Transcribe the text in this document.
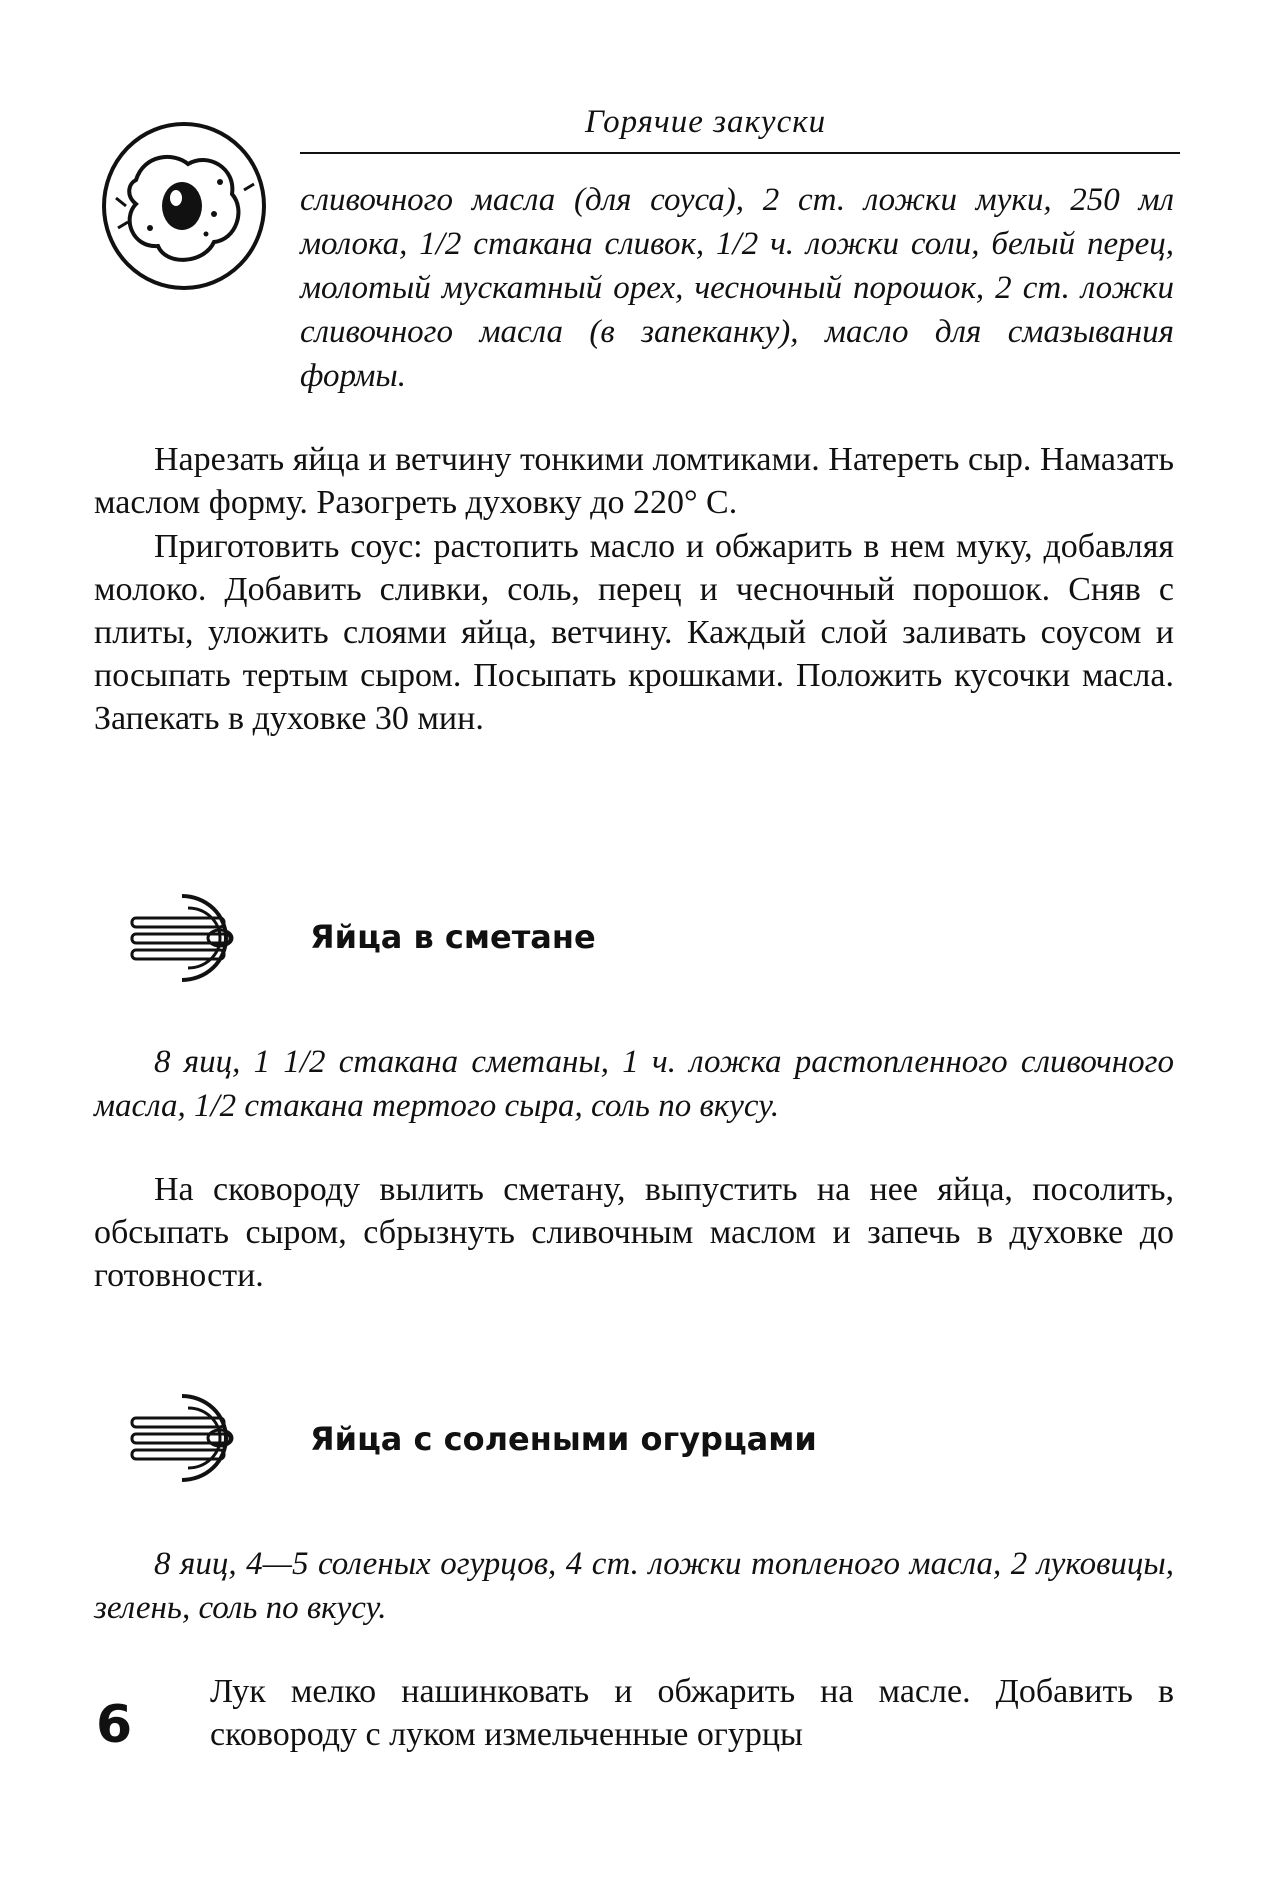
Горячие закуски
сливочного масла (для соуса), 2 ст. ложки муки, 250 мл молока, 1/2 стакана сливок, 1/2 ч. ложки соли, белый перец, молотый мускатный орех, чесночный порошок, 2 ст. ложки сливочного масла (в запеканку), масло для смазывания формы.

Нарезать яйца и ветчину тонкими ломтиками. Натереть сыр. Намазать маслом форму. Разогреть духовку до 220° С.

Приготовить соус: растопить масло и обжарить в нем муку, добавляя молоко. Добавить сливки, соль, перец и чесночный порошок. Сняв с плиты, уложить слоями яйца, ветчину. Каждый слой заливать соусом и посыпать тертым сыром. Посыпать крошками. Положить кусочки масла. Запекать в духовке 30 мин.

Яйца в сметане
8 яиц, 1 1/2 стакана сметаны, 1 ч. ложка растопленного сливочного масла, 1/2 стакана тертого сыра, соль по вкусу.

На сковороду вылить сметану, выпустить на нее яйца, посолить, обсыпать сыром, сбрызнуть сливочным маслом и запечь в духовке до готовности.

Яйца с солеными огурцами
8 яиц, 4—5 соленых огурцов, 4 ст. ложки топленого масла, 2 луковицы, зелень, соль по вкусу.
6

Лук мелко нашинковать и обжарить на масле. Добавить в сковороду с луком измельченные огурцы
